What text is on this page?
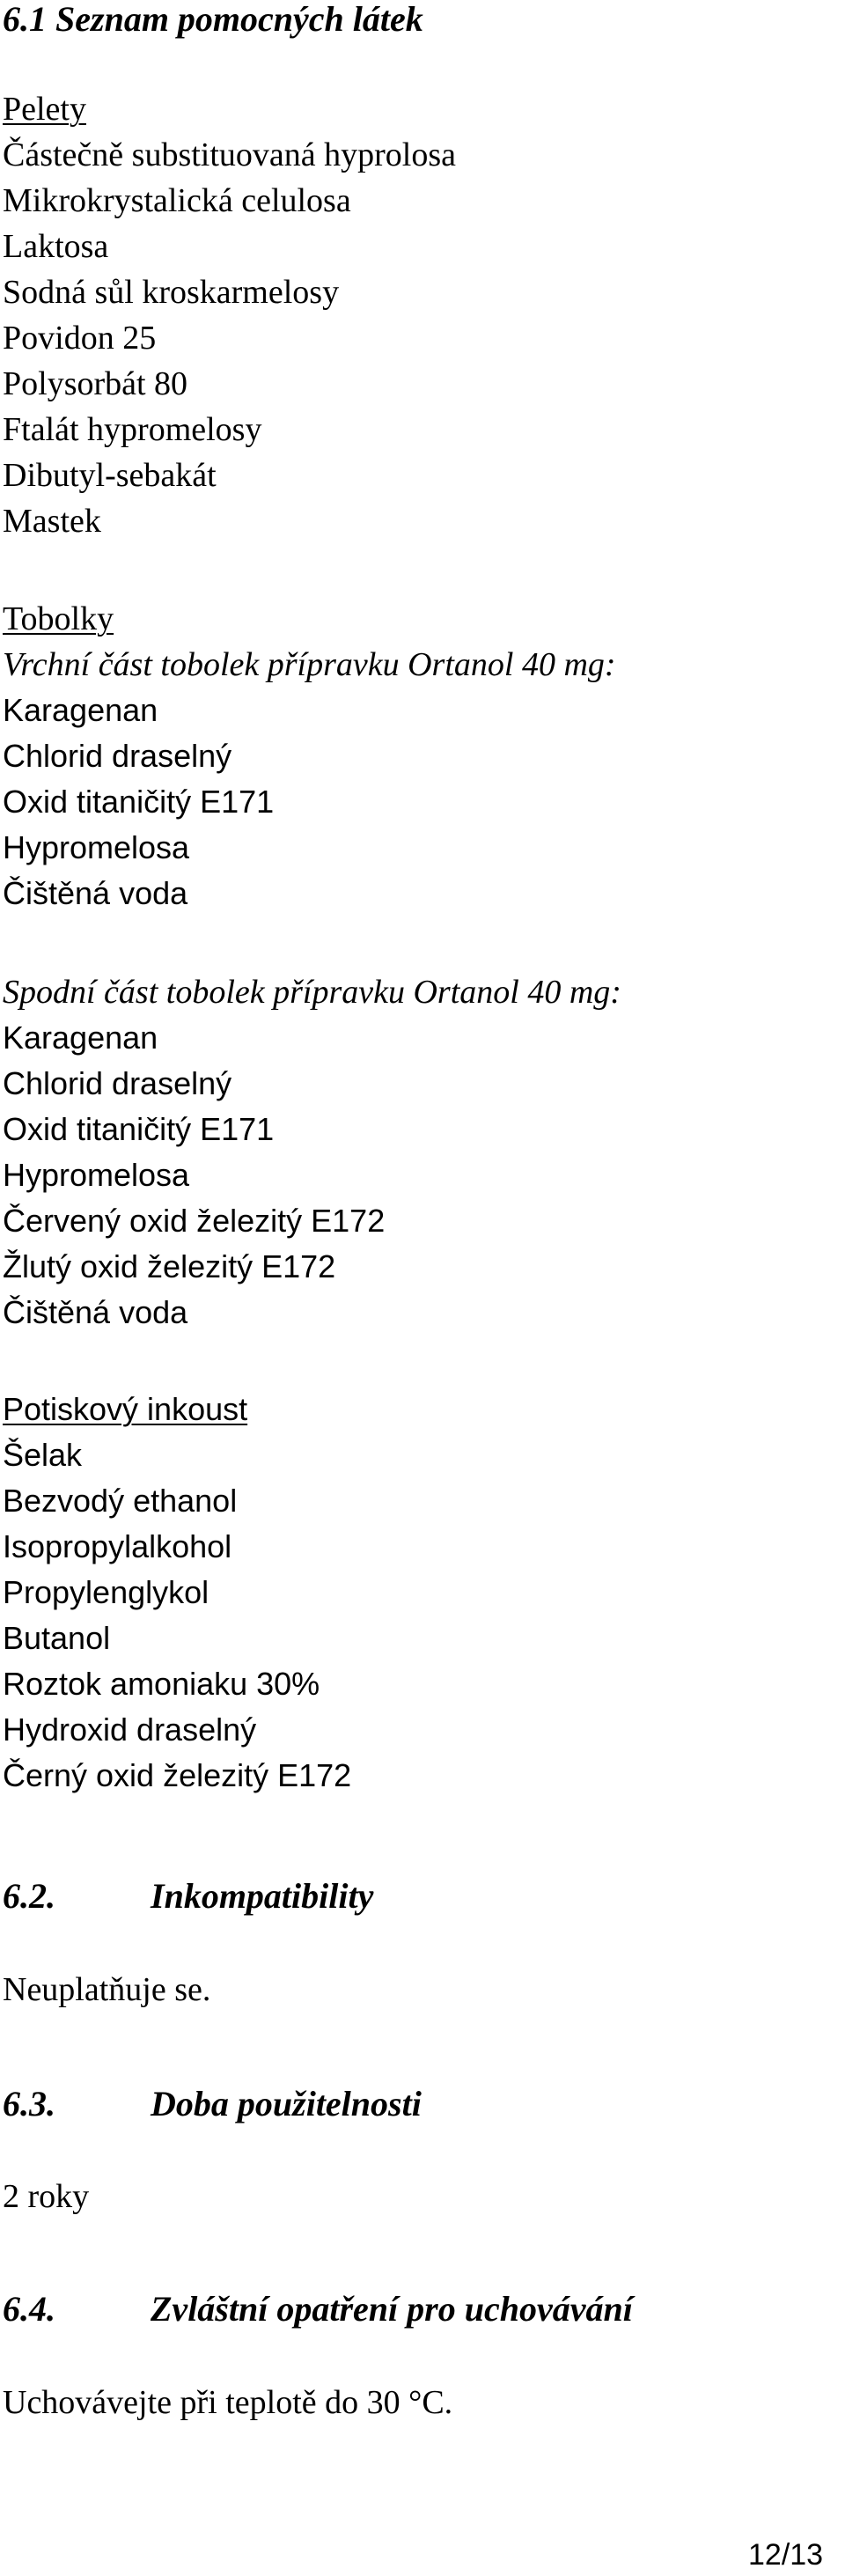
6.1 Seznam pomocných látek
Pelety
Částečně substituovaná hyprolosa
Mikrokrystalická celulosa
Laktosa
Sodná sůl kroskarmelosy
Povidon 25
Polysorbát 80
Ftalát hypromelosy
Dibutyl-sebakát
Mastek
Tobolky
Vrchní část tobolek přípravku Ortanol 40 mg:
Karagenan
Chlorid draselný
Oxid titaničitý E171
Hypromelosa
Čištěná voda
Spodní část tobolek přípravku Ortanol 40 mg:
Karagenan
Chlorid draselný
Oxid titaničitý E171
Hypromelosa
Červený oxid železitý E172
Žlutý oxid železitý E172
Čištěná voda
Potiskový inkoust
Šelak
Bezvodý ethanol
Isopropylalkohol
Propylenglykol
Butanol
Roztok amoniaku 30%
Hydroxid draselný
Černý oxid železitý E172
6.2.	Inkompatibility

Neuplatňuje se.

6.3.	Doba použitelnosti

2 roky

6.4.	Zvláštní opatření pro uchovávání

Uchovávejte při teplotě do 30 °C.

12/13
